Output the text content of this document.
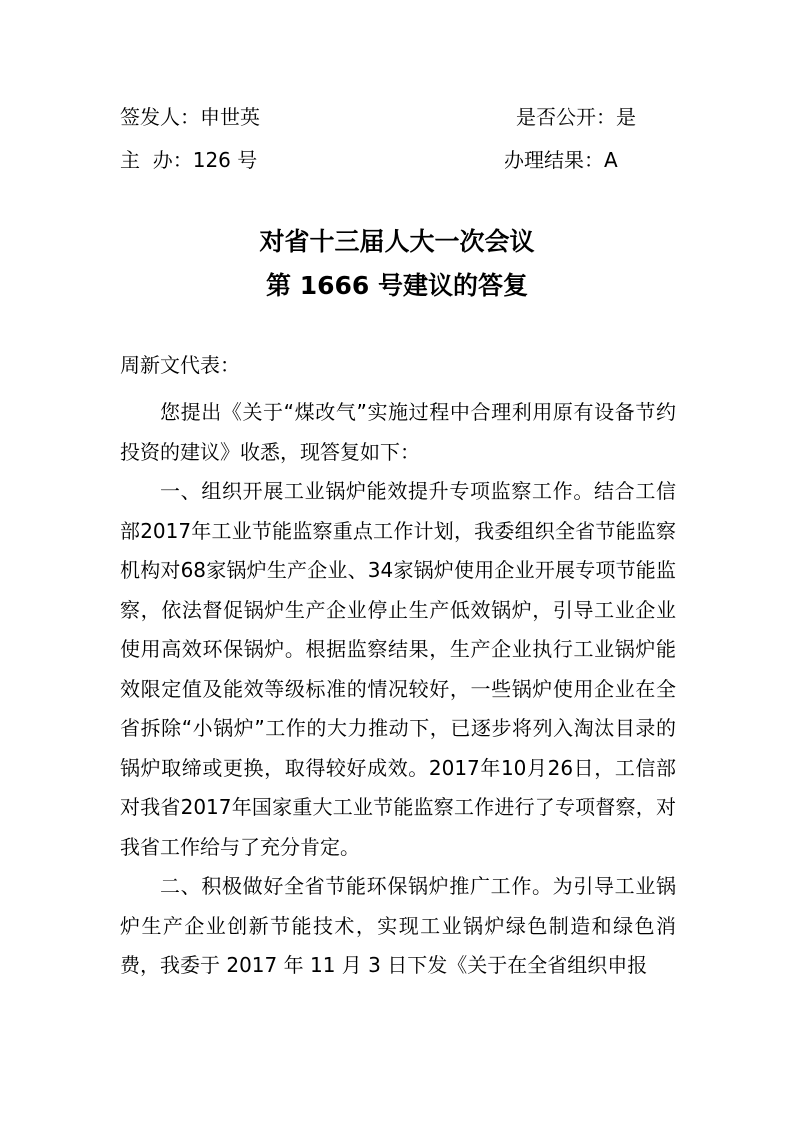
签发人：申世英	是否公开：是
主  办：126 号	办理结果：A
对省十三届人大一次会议
第 1666 号建议的答复
周新文代表：

您提出《关于“煤改气”实施过程中合理利用原有设备节约投资的建议》收悉，现答复如下：

一、组织开展工业锅炉能效提升专项监察工作。结合工信部2017年工业节能监察重点工作计划，我委组织全省节能监察机构对68家锅炉生产企业、34家锅炉使用企业开展专项节能监察，依法督促锅炉生产企业停止生产低效锅炉，引导工业企业使用高效环保锅炉。根据监察结果，生产企业执行工业锅炉能效限定值及能效等级标准的情况较好，一些锅炉使用企业在全省拆除“小锅炉”工作的大力推动下，已逐步将列入淘汰目录的锅炉取缔或更换，取得较好成效。2017年10月26日，工信部对我省2017年国家重大工业节能监察工作进行了专项督察，对我省工作给与了充分肯定。

二、积极做好全省节能环保锅炉推广工作。为引导工业锅炉生产企业创新节能技术，实现工业锅炉绿色制造和绿色消费，我委于 2017 年 11 月 3 日下发《关于在全省组织申报
